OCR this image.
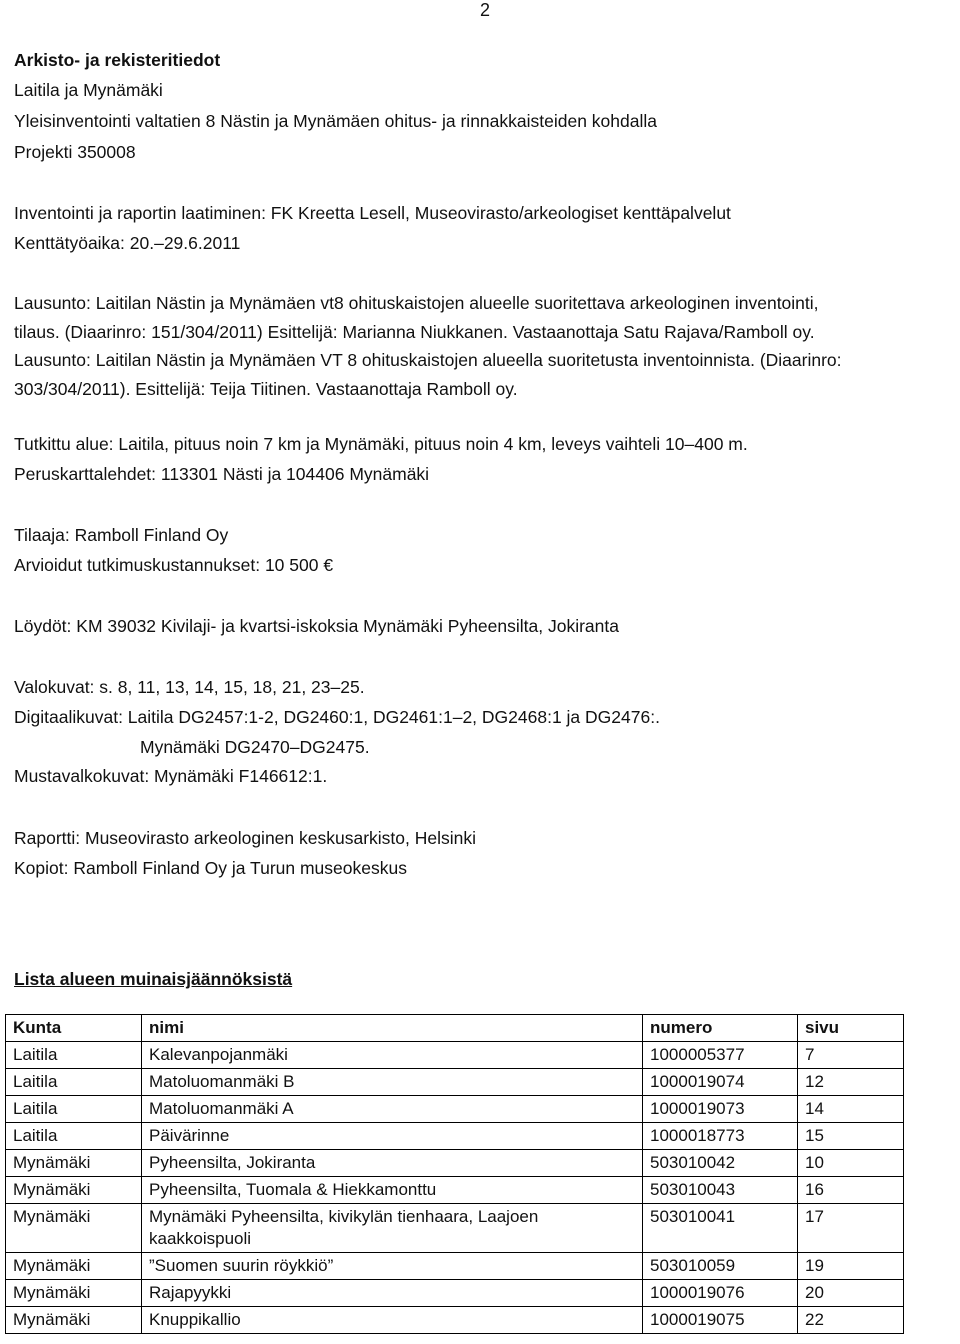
2
Arkisto- ja rekisteritiedot
Laitila ja Mynämäki
Yleisinventointi valtatien 8 Nästin ja Mynämäen ohitus- ja rinnakkaisteiden kohdalla
Projekti 350008
Inventointi ja raportin laatiminen: FK Kreetta Lesell, Museovirasto/arkeologiset kenttäpalvelut
Kenttätyöaika: 20.–29.6.2011
Lausunto: Laitilan Nästin ja Mynämäen vt8 ohituskaistojen alueelle suoritettava arkeologinen inventointi,
tilaus. (Diaarinro: 151/304/2011) Esittelijä: Marianna Niukkanen. Vastaanottaja Satu Rajava/Ramboll oy.
Lausunto: Laitilan Nästin ja Mynämäen VT 8 ohituskaistojen alueella suoritetusta inventoinnista. (Diaarinro:
303/304/2011). Esittelijä: Teija Tiitinen. Vastaanottaja Ramboll oy.
Tutkittu alue: Laitila, pituus noin 7 km ja Mynämäki, pituus noin 4 km, leveys vaihteli 10–400 m.
Peruskarttalehdet: 113301 Nästi ja 104406 Mynämäki
Tilaaja: Ramboll Finland Oy
Arvioidut tutkimuskustannukset: 10 500 €
Löydöt: KM 39032 Kivilaji- ja kvartsi-iskoksia Mynämäki Pyheensilta, Jokiranta
Valokuvat: s. 8, 11, 13, 14, 15, 18, 21, 23–25.
Digitaalikuvat: Laitila DG2457:1-2, DG2460:1, DG2461:1–2, DG2468:1 ja DG2476:.
Mynämäki DG2470–DG2475.
Mustavalkokuvat: Mynämäki F146612:1.
Raportti: Museovirasto arkeologinen keskusarkisto, Helsinki
Kopiot: Ramboll Finland Oy ja Turun museokeskus
Lista alueen muinaisjäännöksistä
Kunta	nimi	numero	sivu
Laitila	Kalevanpojanmäki	1000005377	7
Laitila	Matoluomanmäki B	1000019074	12
Laitila	Matoluomanmäki A	1000019073	14
Laitila	Päivärinne	1000018773	15
Mynämäki	Pyheensilta, Jokiranta	503010042	10
Mynämäki	Pyheensilta, Tuomala & Hiekkamonttu	503010043	16
Mynämäki	Mynämäki Pyheensilta, kivikylän tienhaara, Laajoen kaakkoispuoli	503010041	17
Mynämäki	”Suomen suurin röykkiö”	503010059	19
Mynämäki	Rajapyykki	1000019076	20
Mynämäki	Knuppikallio	1000019075	22
